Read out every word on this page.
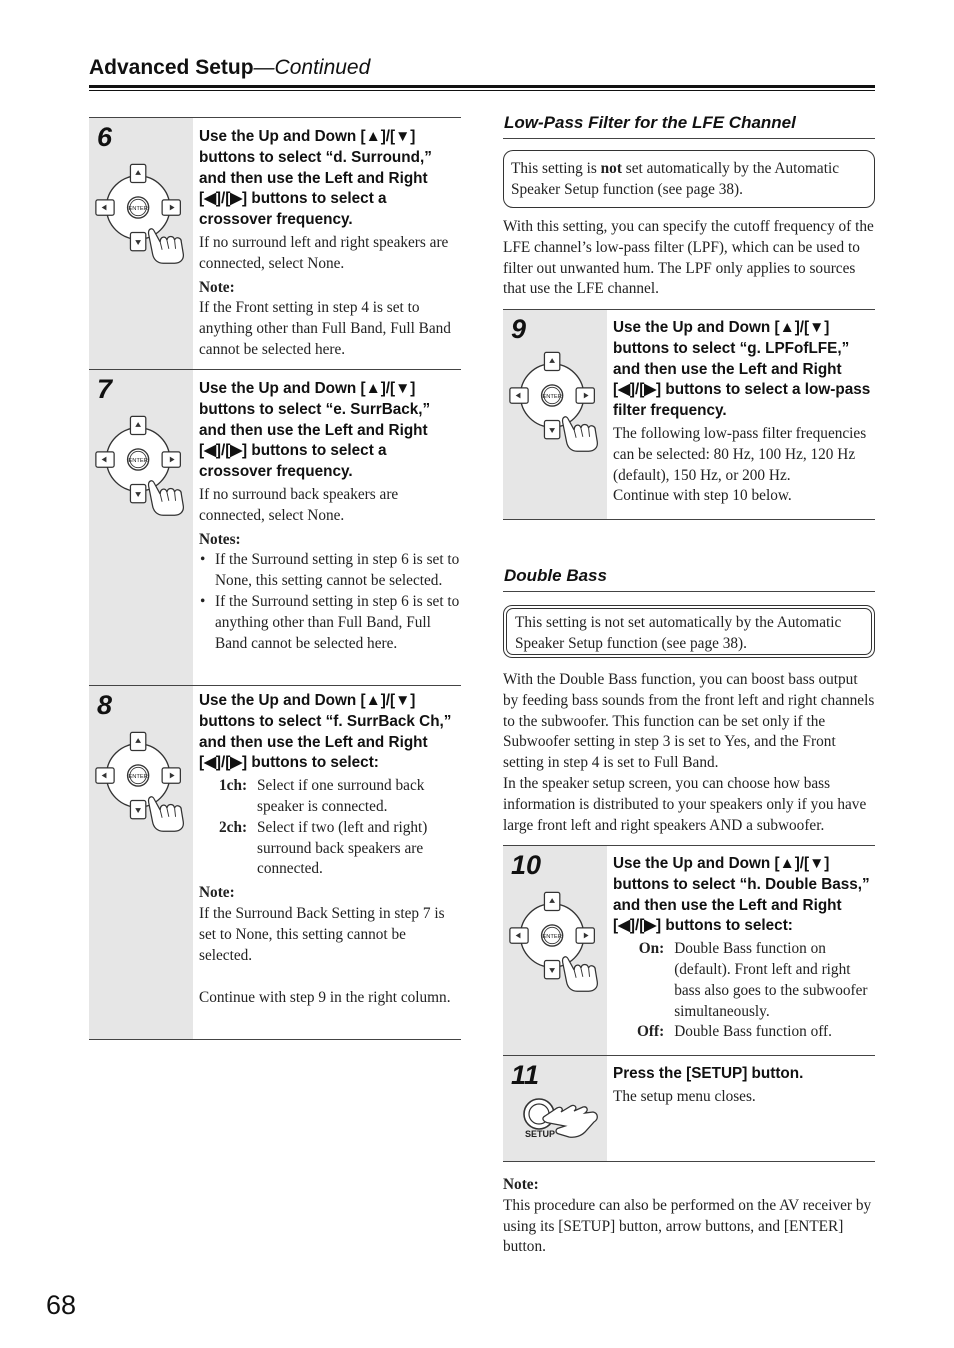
Advanced Setup—Continued
6
ENTER
Use the Up and Down [▲]/[▼] buttons to select “d. Surround,” and then use the Left and Right [◀]/[▶] buttons to select a crossover frequency.
If no surround left and right speakers are connected, select None.
Note:
If the Front setting in step 4 is set to anything other than Full Band, Full Band cannot be selected here.
7
ENTER
Use the Up and Down [▲]/[▼] buttons to select “e. SurrBack,” and then use the Left and Right [◀]/[▶] buttons to select a crossover frequency.
If no surround back speakers are connected, select None.
Notes:
• If the Surround setting in step 6 is set to None, this setting cannot be selected.
• If the Surround setting in step 6 is set to anything other than Full Band, Full Band cannot be selected here.
8
ENTER
Use the Up and Down [▲]/[▼] buttons to select “f. SurrBack Ch,” and then use the Left and Right [◀]/[▶] buttons to select:
1ch: Select if one surround back speaker is connected.
2ch: Select if two (left and right) surround back speakers are connected.
Note:
If the Surround Back Setting in step 7 is set to None, this setting cannot be selected.
Continue with step 9 in the right column.
Low-Pass Filter for the LFE Channel
This setting is not set automatically by the Automatic Speaker Setup function (see page 38).
With this setting, you can specify the cutoff frequency of the LFE channel’s low-pass filter (LPF), which can be used to filter out unwanted hum. The LPF only applies to sources that use the LFE channel.
9
ENTER
Use the Up and Down [▲]/[▼] buttons to select “g. LPFofLFE,” and then use the Left and Right [◀]/[▶] buttons to select a low-pass filter frequency.
The following low-pass filter frequencies can be selected: 80 Hz, 100 Hz, 120 Hz (default), 150 Hz, or 200 Hz.
Continue with step 10 below.
Double Bass
This setting is not set automatically by the Automatic Speaker Setup function (see page 38).
With the Double Bass function, you can boost bass output by feeding bass sounds from the front left and right channels to the subwoofer. This function can be set only if the Subwoofer setting in step 3 is set to Yes, and the Front setting in step 4 is set to Full Band.
In the speaker setup screen, you can choose how bass information is distributed to your speakers only if you have large front left and right speakers AND a subwoofer.
10
ENTER
Use the Up and Down [▲]/[▼] buttons to select “h. Double Bass,” and then use the Left and Right [◀]/[▶] buttons to select:
On: Double Bass function on (default). Front left and right bass also goes to the subwoofer simultaneously.
Off: Double Bass function off.
11
SETUP
Press the [SETUP] button.
The setup menu closes.
Note:
This procedure can also be performed on the AV receiver by using its [SETUP] button, arrow buttons, and [ENTER] button.
68
